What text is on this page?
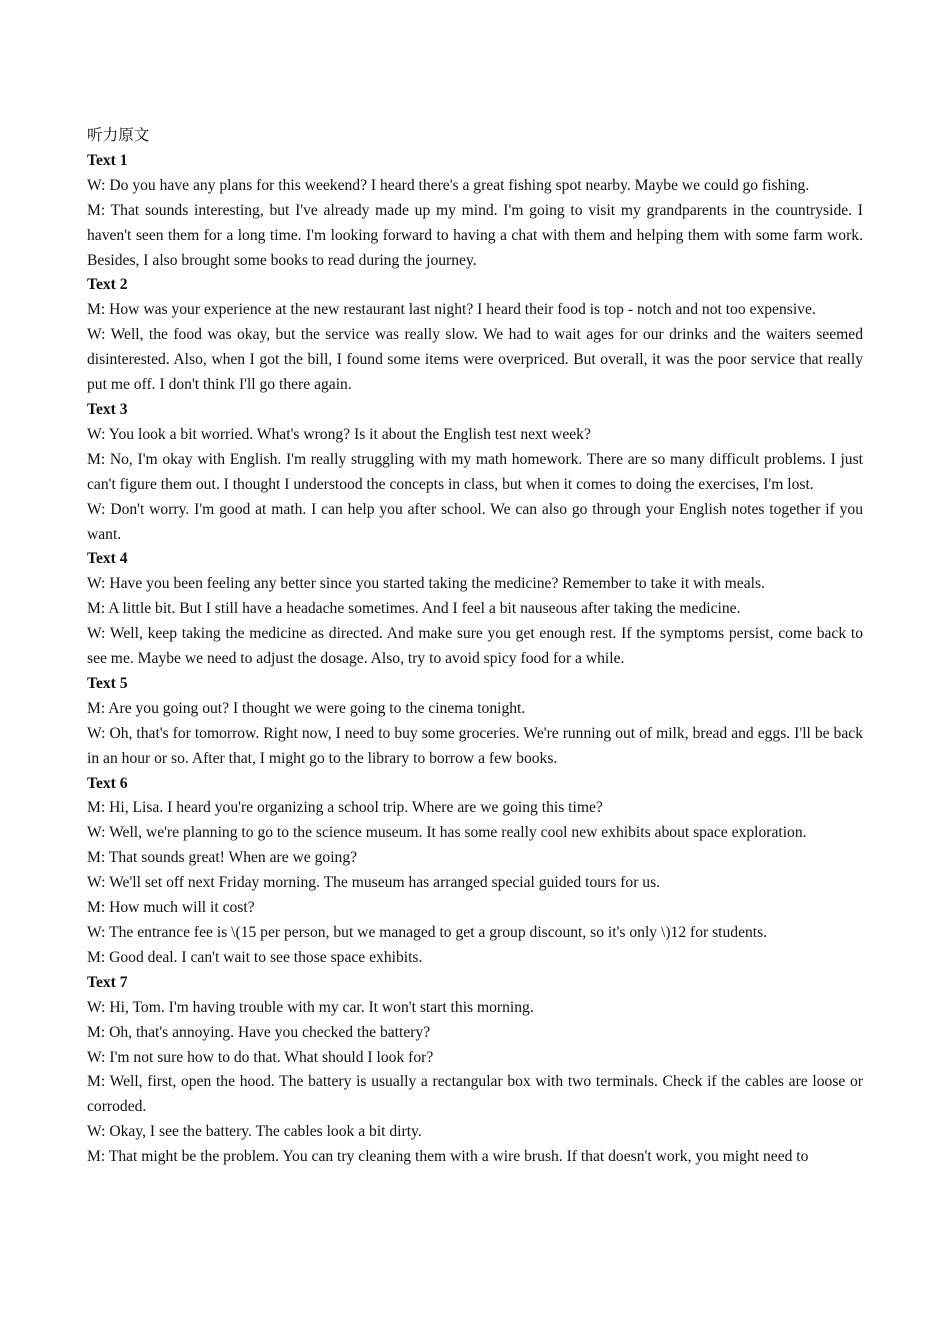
听力原文

Text 1

W: Do you have any plans for this weekend? I heard there's a great fishing spot nearby. Maybe we could go fishing.

M: That sounds interesting, but I've already made up my mind. I'm going to visit my grandparents in the countryside. I haven't seen them for a long time. I'm looking forward to having a chat with them and helping them with some farm work. Besides, I also brought some books to read during the journey.

Text 2

M: How was your experience at the new restaurant last night? I heard their food is top - notch and not too expensive.

W: Well, the food was okay, but the service was really slow. We had to wait ages for our drinks and the waiters seemed disinterested. Also, when I got the bill, I found some items were overpriced. But overall, it was the poor service that really put me off. I don't think I'll go there again.

Text 3

W: You look a bit worried. What's wrong? Is it about the English test next week?

M: No, I'm okay with English. I'm really struggling with my math homework. There are so many difficult problems. I just can't figure them out. I thought I understood the concepts in class, but when it comes to doing the exercises, I'm lost.

W: Don't worry. I'm good at math. I can help you after school. We can also go through your English notes together if you want.

Text 4

W: Have you been feeling any better since you started taking the medicine? Remember to take it with meals.

M: A little bit. But I still have a headache sometimes. And I feel a bit nauseous after taking the medicine.

W: Well, keep taking the medicine as directed. And make sure you get enough rest. If the symptoms persist, come back to see me. Maybe we need to adjust the dosage. Also, try to avoid spicy food for a while.

Text 5

M: Are you going out? I thought we were going to the cinema tonight.

W: Oh, that's for tomorrow. Right now, I need to buy some groceries. We're running out of milk, bread and eggs. I'll be back in an hour or so. After that, I might go to the library to borrow a few books.

Text 6

M: Hi, Lisa. I heard you're organizing a school trip. Where are we going this time?

W: Well, we're planning to go to the science museum. It has some really cool new exhibits about space exploration.

M: That sounds great! When are we going?

W: We'll set off next Friday morning. The museum has arranged special guided tours for us.

M: How much will it cost?

W: The entrance fee is \(15 per person, but we managed to get a group discount, so it's only \)12 for students.

M: Good deal. I can't wait to see those space exhibits.

Text 7

W: Hi, Tom. I'm having trouble with my car. It won't start this morning.

M: Oh, that's annoying. Have you checked the battery?

W: I'm not sure how to do that. What should I look for?

M: Well, first, open the hood. The battery is usually a rectangular box with two terminals. Check if the cables are loose or corroded.

W: Okay, I see the battery. The cables look a bit dirty.

M: That might be the problem. You can try cleaning them with a wire brush. If that doesn't work, you might need to
